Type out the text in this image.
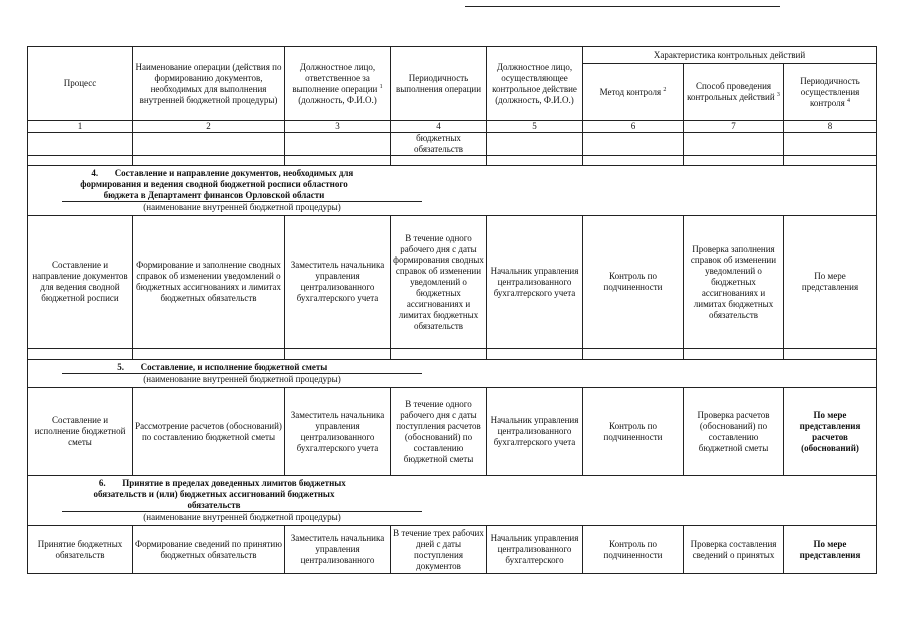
Процесс	Наименование операции (действия по формированию документов, необходимых для выполнения внутренней бюджетной процедуры)	Должностное лицо, ответственное за выполнение операции $^1$ (должность, Ф.И.О.)	Периодичность выполнения операции	Должностное лицо, осуществляющее контрольное действие (должность, Ф.И.О.)	Характеристика контрольных действий		
					Метод контроля $^2$	Способ проведения контрольных действий $^3$	Периодичность осуществления контроля $^4$
1	2	3	4	5	6	7	8
			бюджетных обязательств				

4. Составление и направление документов, необходимых для
формирования и ведения сводной бюджетной росписи областного
бюджета в Департамент финансов Орловской области
(наименование внутренней бюджетной процедуры)							

Составление и направление документов для ведения сводной бюджетной росписи	Формирование и заполнение сводных справок об изменении уведомлений о бюджетных ассигнованиях и лимитах бюджетных обязательств	Заместитель начальника управления централизованного бухгалтерского учета	В течение одного рабочего дня с даты формирования сводных справок об изменении уведомлений о бюджетных ассигнованиях и лимитах бюджетных обязательств	Начальник управления централизованного бухгалтерского учета	Контроль по подчиненности	Проверка заполнения справок об изменении уведомлений о бюджетных ассигнованиях и лимитах бюджетных обязательств	По мере представления

5. Составление, и исполнение бюджетной сметы
(наименование внутренней бюджетной процедуры)							

Составление и исполнение бюджетной сметы	Рассмотрение расчетов (обоснований) по составлению бюджетной сметы	Заместитель начальника управления централизованного бухгалтерского учета	В течение одного рабочего дня с даты поступления расчетов (обоснований) по составлению бюджетной сметы	Начальник управления централизованного бухгалтерского учета	Контроль по подчиненности	Проверка расчетов (обоснований) по составлению бюджетной сметы	По мере представления расчетов (обоснований)

6. Принятие в пределах доведенных лимитов бюджетных
обязательств и (или) бюджетных ассигнований бюджетных
обязательств
(наименование внутренней бюджетной процедуры)							

Принятие бюджетных обязательств	Формирование сведений по принятию бюджетных обязательств	Заместитель начальника управления централизованного	В течение трех рабочих дней с даты поступления документов	Начальник управления централизованного бухгалтерского	Контроль по подчиненности	Проверка составления сведений о принятых	По мере представления
